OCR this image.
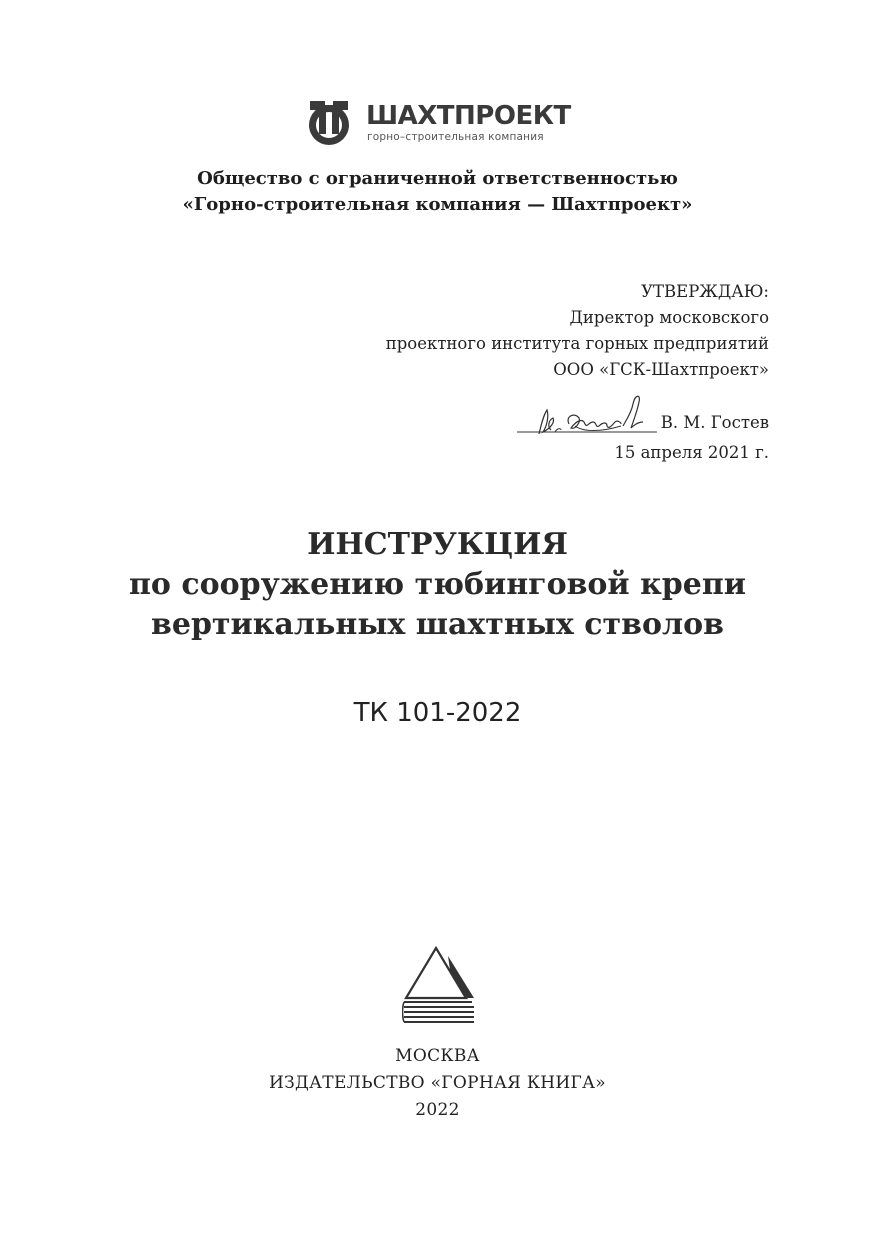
ШАХТПРОЕКТ
горно–строительная компания
Общество с ограниченной ответственностью
«Горно-строительная компания — Шахтпроект»
УТВЕРЖДАЮ:
Директор московского
проектного института горных предприятий
ООО «ГСК-Шахтпроект»
В. М. Гостев
15 апреля 2021 г.
ИНСТРУКЦИЯ
по сооружению тюбинговой крепи
вертикальных шахтных стволов
ТК 101-2022
МОСКВА
ИЗДАТЕЛЬСТВО «ГОРНАЯ КНИГА»
2022
